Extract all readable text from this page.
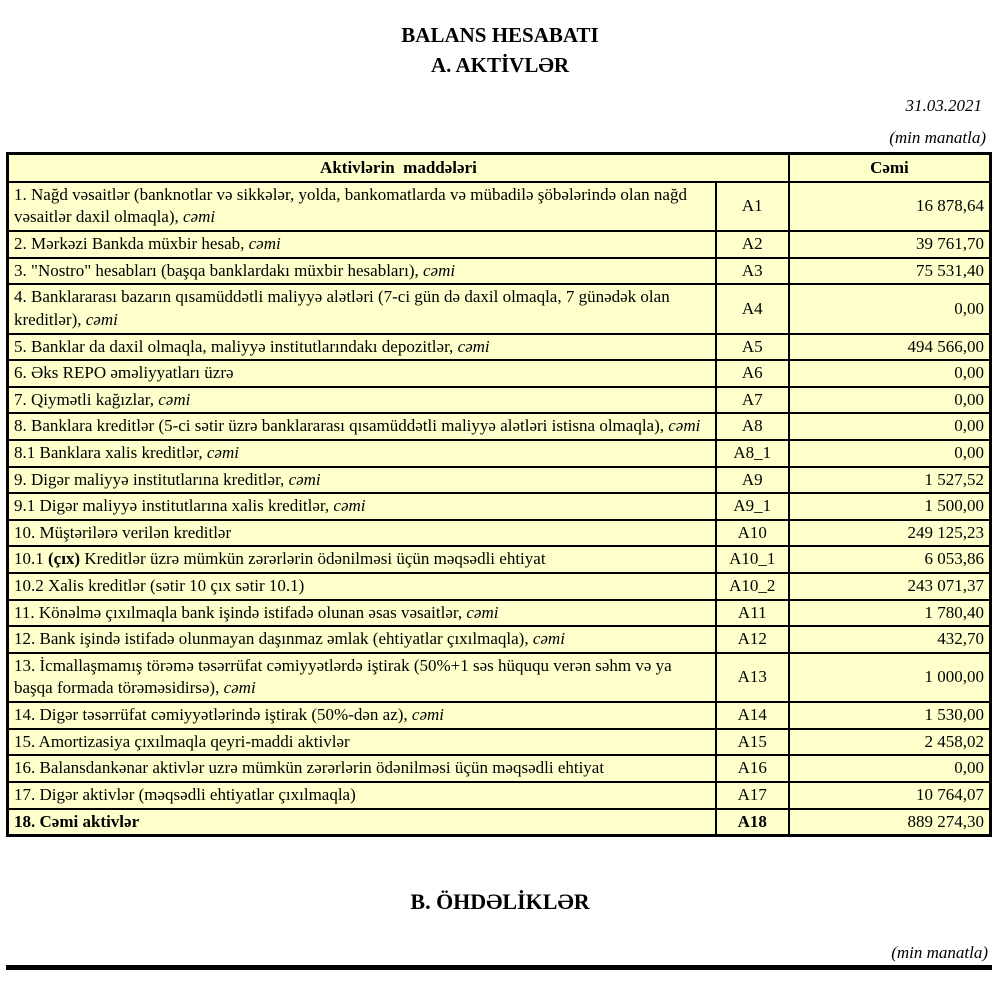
BALANS HESABATI
A. AKTİVLƏR
31.03.2021
(min manatla)
Aktivlərin  maddələri		Cəmi
1. Nağd vəsaitlər (banknotlar və sikkələr, yolda, bankomatlarda və mübadilə şöbələrində olan nağd vəsaitlər daxil olmaqla), cəmi	A1	16 878,64
2. Mərkəzi Bankda müxbir hesab, cəmi	A2	39 761,70
3. "Nostro" hesabları (başqa banklardakı müxbir hesabları), cəmi	A3	75 531,40
4. Banklararası bazarın qısamüddətli maliyyə alətləri (7-ci gün də daxil olmaqla, 7 günədək olan kreditlər), cəmi	A4	0,00
5. Banklar da daxil olmaqla, maliyyə institutlarındakı depozitlər, cəmi	A5	494 566,00
6. Əks REPO əməliyyatları üzrə	A6	0,00
7. Qiymətli kağızlar, cəmi	A7	0,00
8. Banklara kreditlər (5-ci sətir üzrə banklararası qısamüddətli maliyyə alətləri istisna olmaqla), cəmi	A8	0,00
8.1 Banklara xalis kreditlər, cəmi	A8_1	0,00
9. Digər maliyyə institutlarına kreditlər, cəmi	A9	1 527,52
9.1 Digər maliyyə institutlarına xalis kreditlər, cəmi	A9_1	1 500,00
10. Müştərilərə verilən kreditlər	A10	249 125,23
10.1 (çıx) Kreditlər üzrə mümkün zərərlərin ödənilməsi üçün məqsədli ehtiyat	A10_1	6 053,86
10.2 Xalis kreditlər (sətir 10 çıx sətir 10.1)	A10_2	243 071,37
11. Könəlmə çıxılmaqla bank işində istifadə olunan əsas vəsaitlər, cəmi	A11	1 780,40
12. Bank işində istifadə olunmayan daşınmaz əmlak (ehtiyatlar çıxılmaqla), cəmi	A12	432,70
13. İcmallaşmamış törəmə təsərrüfat cəmiyyətlərdə iştirak (50%+1 səs hüququ verən səhm və ya başqa formada törəməsidirsə), cəmi	A13	1 000,00
14. Digər təsərrüfat cəmiyyətlərində iştirak (50%-dən az), cəmi	A14	1 530,00
15. Amortizasiya çıxılmaqla qeyri-maddi aktivlər	A15	2 458,02
16. Balansdankənar aktivlər uzrə mümkün zərərlərin ödənilməsi üçün məqsədli ehtiyat	A16	0,00
17. Digər aktivlər (məqsədli ehtiyatlar çıxılmaqla)	A17	10 764,07
18. Cəmi aktivlər	A18	889 274,30
B. ÖHDƏLİKLƏR
(min manatla)
